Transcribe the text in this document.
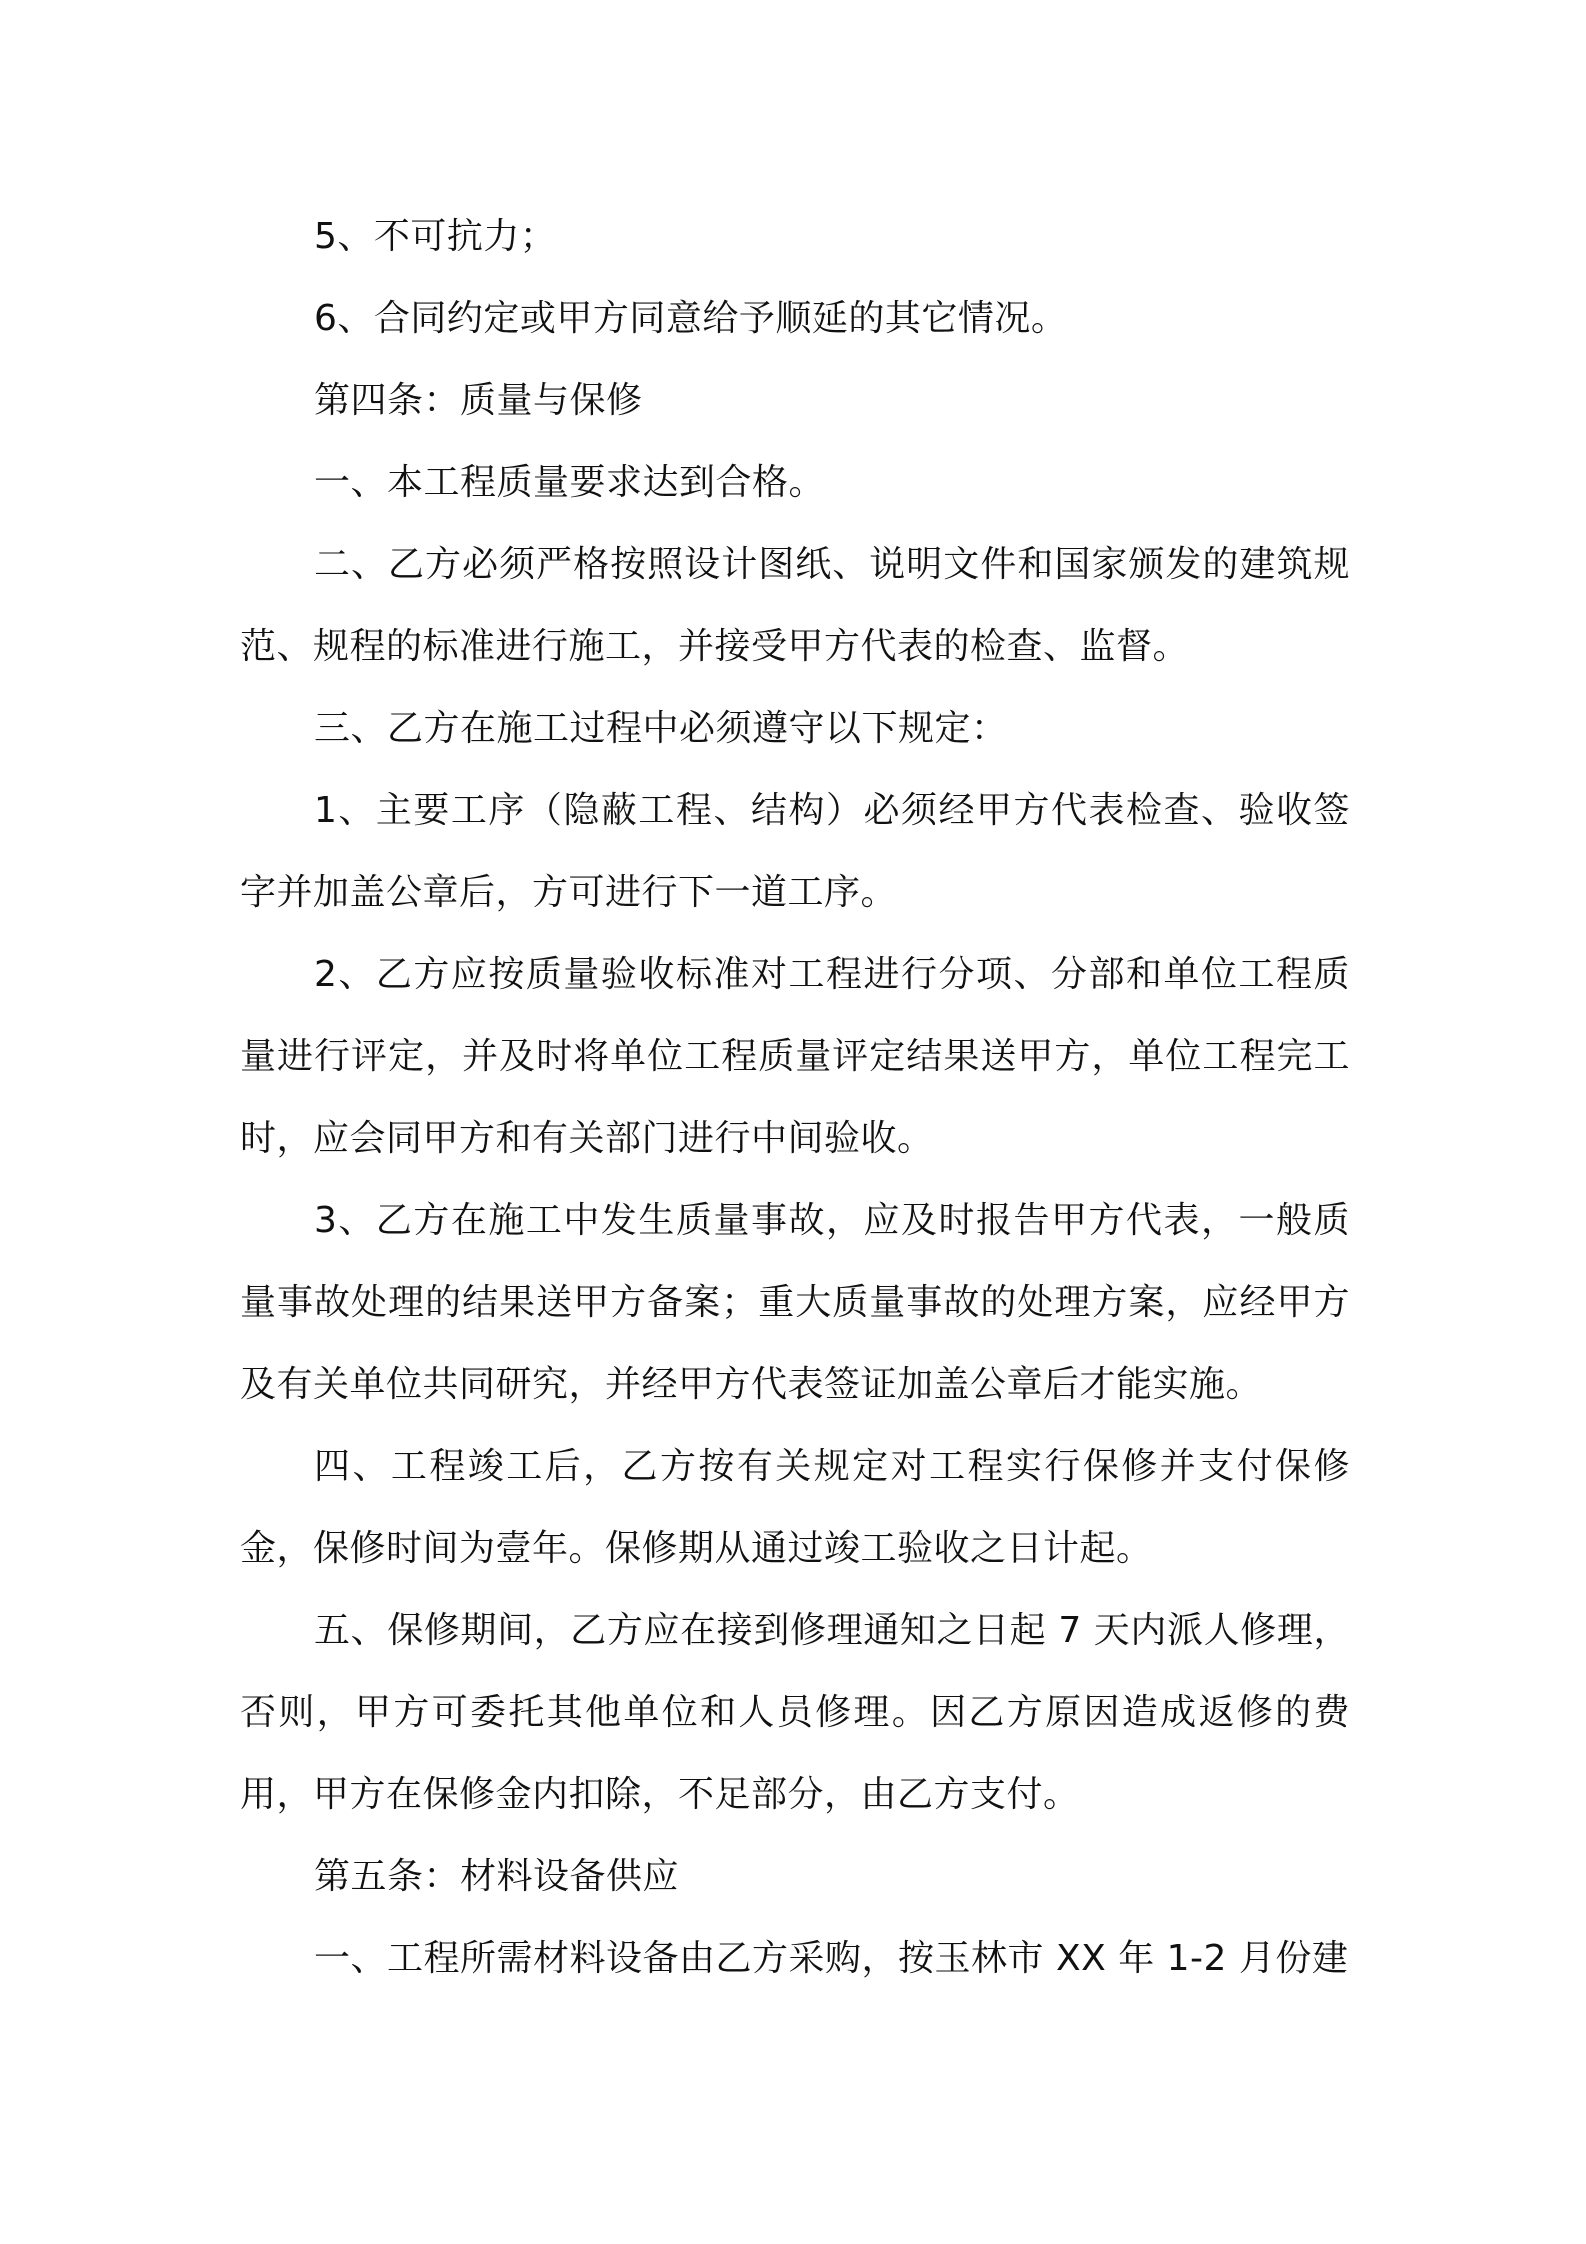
5、不可抗力；

6、合同约定或甲方同意给予顺延的其它情况。

第四条：质量与保修

一、本工程质量要求达到合格。

二、乙方必须严格按照设计图纸、说明文件和国家颁发的建筑规范、规程的标准进行施工，并接受甲方代表的检查、监督。

三、乙方在施工过程中必须遵守以下规定：

1、主要工序（隐蔽工程、结构）必须经甲方代表检查、验收签字并加盖公章后，方可进行下一道工序。

2、乙方应按质量验收标准对工程进行分项、分部和单位工程质量进行评定，并及时将单位工程质量评定结果送甲方，单位工程完工时，应会同甲方和有关部门进行中间验收。

3、乙方在施工中发生质量事故，应及时报告甲方代表，一般质量事故处理的结果送甲方备案；重大质量事故的处理方案，应经甲方及有关单位共同研究，并经甲方代表签证加盖公章后才能实施。

四、工程竣工后，乙方按有关规定对工程实行保修并支付保修金，保修时间为壹年。保修期从通过竣工验收之日计起。

五、保修期间，乙方应在接到修理通知之日起 7 天内派人修理，否则，甲方可委托其他单位和人员修理。因乙方原因造成返修的费用，甲方在保修金内扣除，不足部分，由乙方支付。

第五条：材料设备供应

一、工程所需材料设备由乙方采购，按玉林市 XX 年 1-2 月份建
